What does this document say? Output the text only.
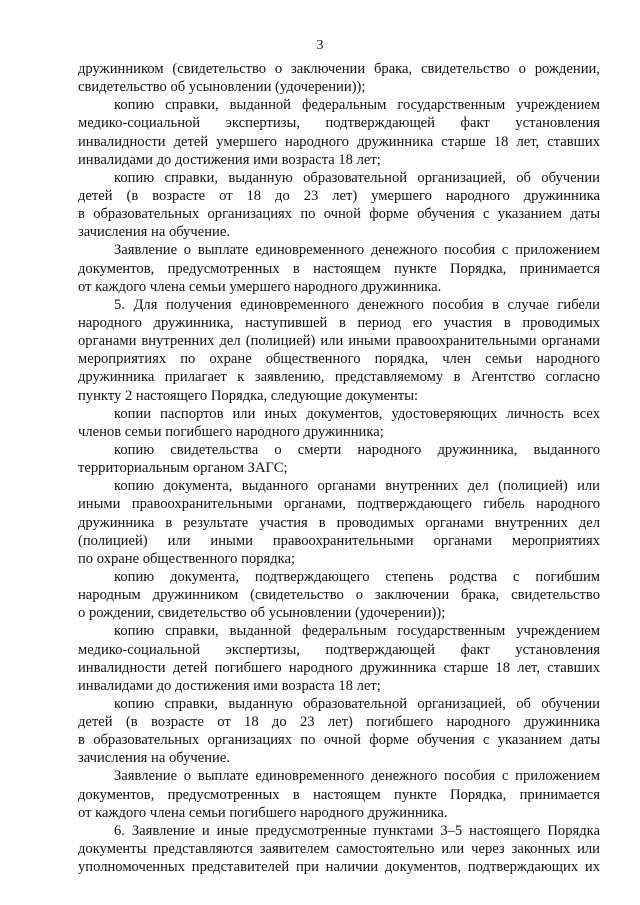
3
дружинником (свидетельство о заключении брака, свидетельство о рождении,
свидетельство об усыновлении (удочерении));
копию справки, выданной федеральным государственным учреждением
медико-социальной экспертизы, подтверждающей факт установления
инвалидности детей умершего народного дружинника старше 18 лет, ставших
инвалидами до достижения ими возраста 18 лет;
копию справки, выданную образовательной организацией, об обучении
детей (в возрасте от 18 до 23 лет) умершего народного дружинника
в образовательных организациях по очной форме обучения с указанием даты
зачисления на обучение.
Заявление о выплате единовременного денежного пособия с приложением
документов, предусмотренных в настоящем пункте Порядка, принимается
от каждого члена семьи умершего народного дружинника.
5. Для получения единовременного денежного пособия в случае гибели
народного дружинника, наступившей в период его участия в проводимых
органами внутренних дел (полицией) или иными правоохранительными органами
мероприятиях по охране общественного порядка, член семьи народного
дружинника прилагает к заявлению, представляемому в Агентство согласно
пункту 2 настоящего Порядка, следующие документы:
копии паспортов или иных документов, удостоверяющих личность всех
членов семьи погибшего народного дружинника;
копию свидетельства о смерти народного дружинника, выданного
территориальным органом ЗАГС;
копию документа, выданного органами внутренних дел (полицией) или
иными правоохранительными органами, подтверждающего гибель народного
дружинника в результате участия в проводимых органами внутренних дел
(полицией) или иными правоохранительными органами мероприятиях
по охране общественного порядка;
копию документа, подтверждающего степень родства с погибшим
народным дружинником (свидетельство о заключении брака, свидетельство
о рождении, свидетельство об усыновлении (удочерении));
копию справки, выданной федеральным государственным учреждением
медико-социальной экспертизы, подтверждающей факт установления
инвалидности детей погибшего народного дружинника старше 18 лет, ставших
инвалидами до достижения ими возраста 18 лет;
копию справки, выданную образовательной организацией, об обучении
детей (в возрасте от 18 до 23 лет) погибшего народного дружинника
в образовательных организациях по очной форме обучения с указанием даты
зачисления на обучение.
Заявление о выплате единовременного денежного пособия с приложением
документов, предусмотренных в настоящем пункте Порядка, принимается
от каждого члена семьи погибшего народного дружинника.
6. Заявление и иные предусмотренные пунктами 3–5 настоящего Порядка
документы представляются заявителем самостоятельно или через законных или
уполномоченных представителей при наличии документов, подтверждающих их
